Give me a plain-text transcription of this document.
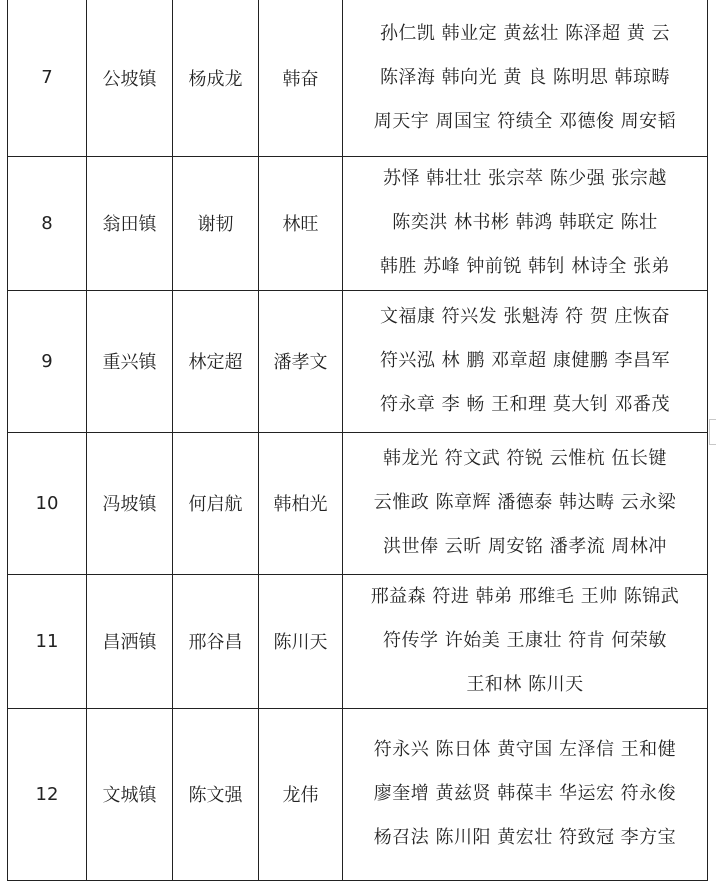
7	公坡镇	杨成龙	韩奋	孙仁凯 韩业定 黄兹壮 陈泽超 黄 云
陈泽海 韩向光 黄 良 陈明思 韩琼畴
周天宇 周国宝 符绩全 邓德俊 周安韬

8	翁田镇	谢韧	林旺	苏怿 韩壮壮 张宗萃 陈少强 张宗越
陈奕洪 林书彬 韩鸿 韩联定 陈壮
韩胜 苏峰 钟前锐 韩钊 林诗全 张弟

9	重兴镇	林定超	潘孝文	文福康 符兴发 张魁涛 符 贺 庄恢奋
符兴泓 林 鹏 邓章超 康健鹏 李昌军
符永章 李 畅 王和理 莫大钊 邓番茂

10	冯坡镇	何启航	韩柏光	韩龙光 符文武 符锐 云惟杭 伍长键
云惟政 陈章辉 潘德泰 韩达畴 云永梁
洪世俸 云昕 周安铭 潘孝流 周林冲

11	昌洒镇	邢谷昌	陈川天	邢益森 符进 韩弟 邢维毛 王帅 陈锦武
符传学 许始美 王康壮 符肯 何荣敏
王和林 陈川天

12	文城镇	陈文强	龙伟	符永兴 陈日体 黄守国 左泽信 王和健
廖奎增 黄兹贤 韩葆丰 华运宏 符永俊
杨召法 陈川阳 黄宏壮 符致冠 李方宝
